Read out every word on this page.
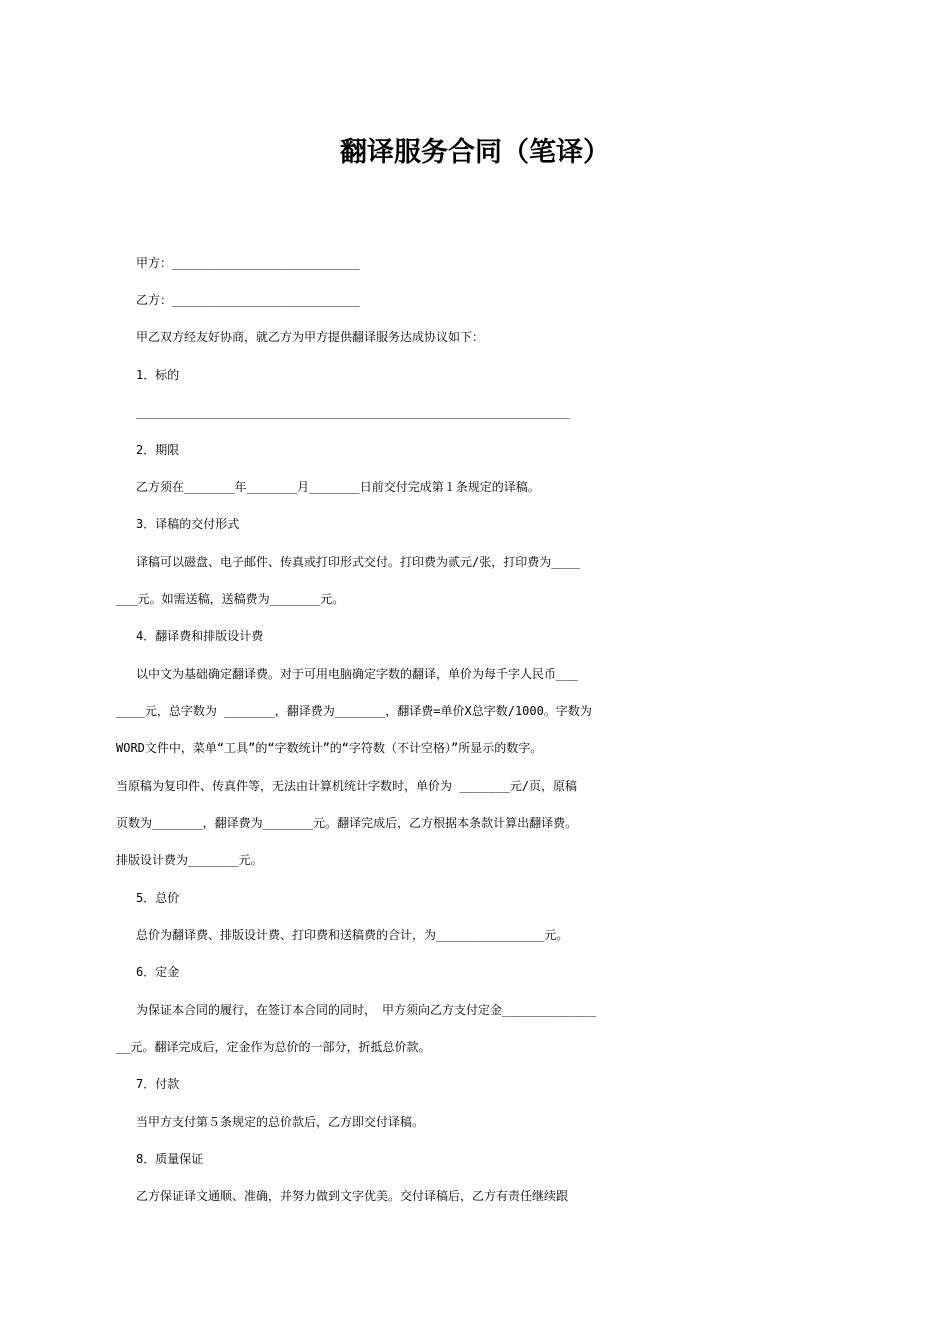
翻译服务合同（笔译）

甲方：__________________________

乙方：__________________________

甲乙双方经友好协商，就乙方为甲方提供翻译服务达成协议如下：

1．标的

____________________________________________________________

2．期限

乙方须在_______年_______月_______日前交付完成第１条规定的译稿。

3．译稿的交付形式

译稿可以磁盘、电子邮件、传真或打印形式交付。打印费为贰元/张，打印费为____

___元。如需送稿，送稿费为_______元。

4．翻译费和排版设计费

以中文为基础确定翻译费。对于可用电脑确定字数的翻译，单价为每千字人民币___

____元，总字数为 _______，翻译费为_______，翻译费=单价X总字数/1000。字数为

WORD文件中，菜单“工具”的“字数统计”的“字符数（不计空格）”所显示的数字。

当原稿为复印件、传真件等，无法由计算机统计字数时，单价为 _______元/页，原稿

页数为_______，翻译费为_______元。翻译完成后，乙方根据本条款计算出翻译费。

排版设计费为_______元。

5．总价

总价为翻译费、排版设计费、打印费和送稿费的合计，为_______________元。

6．定金

为保证本合同的履行，在签订本合同的同时，　甲方须向乙方支付定金_____________

__元。翻译完成后，定金作为总价的一部分，折抵总价款。

7．付款

当甲方支付第５条规定的总价款后，乙方即交付译稿。

8．质量保证

乙方保证译文通顺、准确，并努力做到文字优美。交付译稿后，乙方有责任继续跟
